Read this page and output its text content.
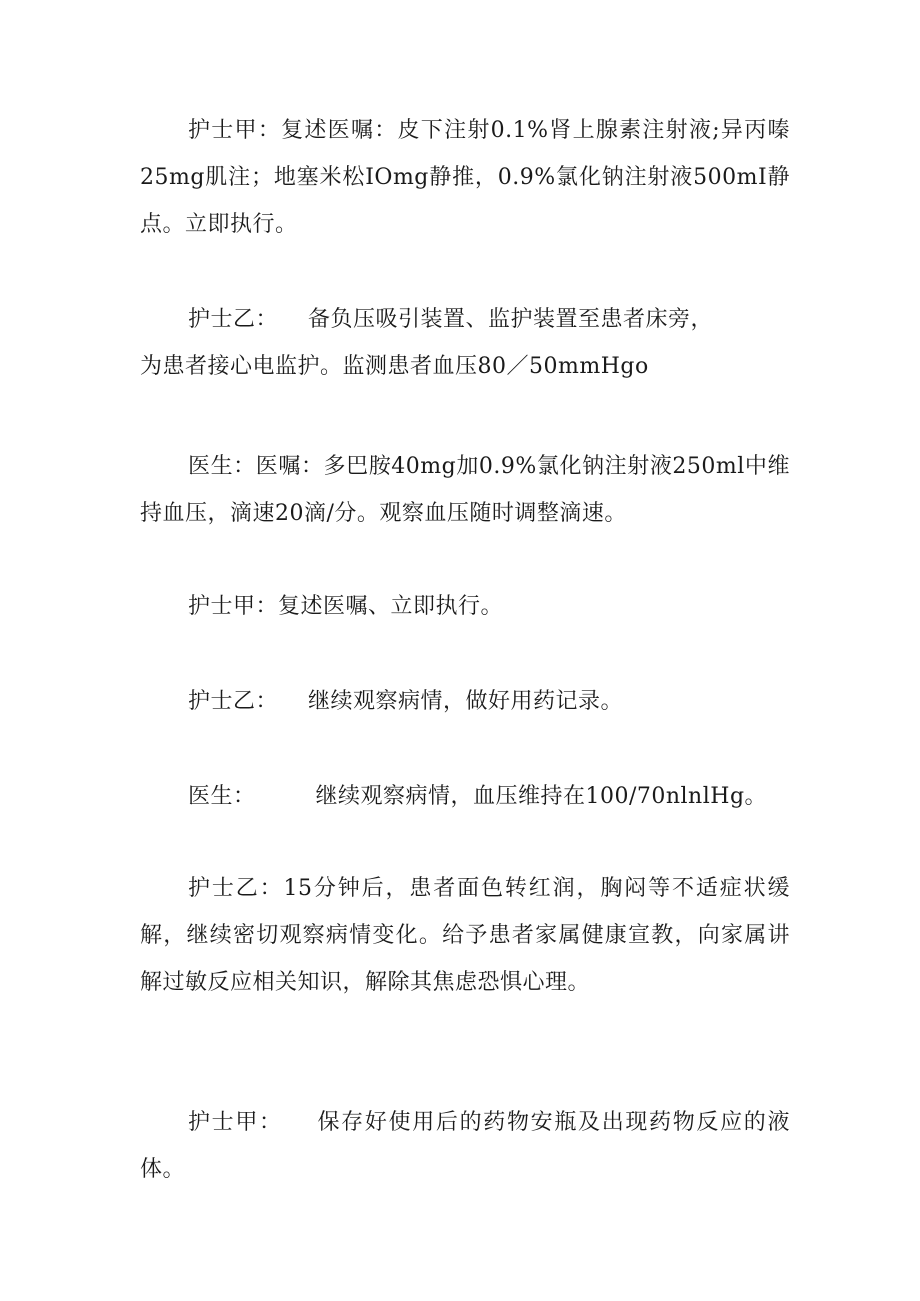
护士甲：复述医嘱：皮下注射0.1%肾上腺素注射液;异丙嗪25mg肌注；地塞米松IOmg静推，0.9%氯化钠注射液500mI静点。立即执行。

护士乙：    备负压吸引装置、监护装置至患者床旁，
为患者接心电监护。监测患者血压80／50mmHgo

医生：医嘱：多巴胺40mg加0.9%氯化钠注射液250ml中维持血压，滴速20滴/分。观察血压随时调整滴速。

护士甲：复述医嘱、立即执行。

护士乙：    继续观察病情，做好用药记录。

医生：        继续观察病情，血压维持在100/70nlnlHg。

护士乙：15分钟后，患者面色转红润，胸闷等不适症状缓解，继续密切观察病情变化。给予患者家属健康宣教，向家属讲解过敏反应相关知识，解除其焦虑恐惧心理。

护士甲：    保存好使用后的药物安瓶及出现药物反应的液体。
